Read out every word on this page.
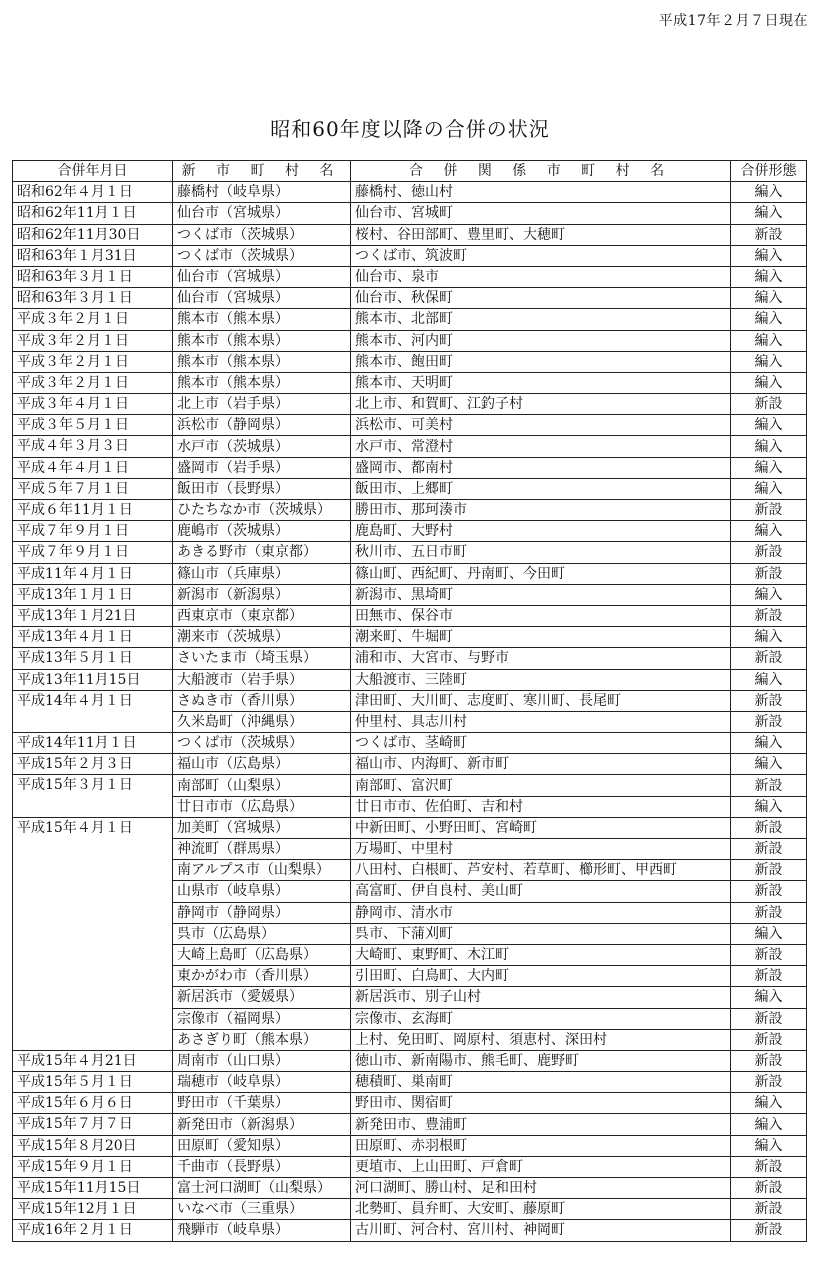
平成17年２月７日現在
昭和60年度以降の合併の状況
合併年月日	新 市 町 村 名	合 併 関 係 市 町 村 名	合併形態
昭和62年４月１日	藤橋村（岐阜県）	藤橋村、徳山村	編入
昭和62年11月１日	仙台市（宮城県）	仙台市、宮城町	編入
昭和62年11月30日	つくば市（茨城県）	桜村、谷田部町、豊里町、大穂町	新設
昭和63年１月31日	つくば市（茨城県）	つくば市、筑波町	編入
昭和63年３月１日	仙台市（宮城県）	仙台市、泉市	編入
昭和63年３月１日	仙台市（宮城県）	仙台市、秋保町	編入
平成３年２月１日	熊本市（熊本県）	熊本市、北部町	編入
平成３年２月１日	熊本市（熊本県）	熊本市、河内町	編入
平成３年２月１日	熊本市（熊本県）	熊本市、飽田町	編入
平成３年２月１日	熊本市（熊本県）	熊本市、天明町	編入
平成３年４月１日	北上市（岩手県）	北上市、和賀町、江釣子村	新設
平成３年５月１日	浜松市（静岡県）	浜松市、可美村	編入
平成４年３月３日	水戸市（茨城県）	水戸市、常澄村	編入
平成４年４月１日	盛岡市（岩手県）	盛岡市、都南村	編入
平成５年７月１日	飯田市（長野県）	飯田市、上郷町	編入
平成６年11月１日	ひたちなか市（茨城県）	勝田市、那珂湊市	新設
平成７年９月１日	鹿嶋市（茨城県）	鹿島町、大野村	編入
平成７年９月１日	あきる野市（東京都）	秋川市、五日市町	新設
平成11年４月１日	篠山市（兵庫県）	篠山町、西紀町、丹南町、今田町	新設
平成13年１月１日	新潟市（新潟県）	新潟市、黒埼町	編入
平成13年１月21日	西東京市（東京都）	田無市、保谷市	新設
平成13年４月１日	潮来市（茨城県）	潮来町、牛堀町	編入
平成13年５月１日	さいたま市（埼玉県）	浦和市、大宮市、与野市	新設
平成13年11月15日	大船渡市（岩手県）	大船渡市、三陸町	編入
平成14年４月１日	さぬき市（香川県）	津田町、大川町、志度町、寒川町、長尾町	新設
	久米島町（沖縄県）	仲里村、具志川村	新設
平成14年11月１日	つくば市（茨城県）	つくば市、茎崎町	編入
平成15年２月３日	福山市（広島県）	福山市、内海町、新市町	編入
平成15年３月１日	南部町（山梨県）	南部町、富沢町	新設
	廿日市市（広島県）	廿日市市、佐伯町、吉和村	編入
平成15年４月１日	加美町（宮城県）	中新田町、小野田町、宮崎町	新設
	神流町（群馬県）	万場町、中里村	新設
	南アルプス市（山梨県）	八田村、白根町、芦安村、若草町、櫛形町、甲西町	新設
	山県市（岐阜県）	高富町、伊自良村、美山町	新設
	静岡市（静岡県）	静岡市、清水市	新設
	呉市（広島県）	呉市、下蒲刈町	編入
	大崎上島町（広島県）	大崎町、東野町、木江町	新設
	東かがわ市（香川県）	引田町、白鳥町、大内町	新設
	新居浜市（愛媛県）	新居浜市、別子山村	編入
	宗像市（福岡県）	宗像市、玄海町	新設
	あさぎり町（熊本県）	上村、免田町、岡原村、須恵村、深田村	新設
平成15年４月21日	周南市（山口県）	徳山市、新南陽市、熊毛町、鹿野町	新設
平成15年５月１日	瑞穂市（岐阜県）	穂積町、巣南町	新設
平成15年６月６日	野田市（千葉県）	野田市、関宿町	編入
平成15年７月７日	新発田市（新潟県）	新発田市、豊浦町	編入
平成15年８月20日	田原町（愛知県）	田原町、赤羽根町	編入
平成15年９月１日	千曲市（長野県）	更埴市、上山田町、戸倉町	新設
平成15年11月15日	富士河口湖町（山梨県）	河口湖町、勝山村、足和田村	新設
平成15年12月１日	いなべ市（三重県）	北勢町、員弁町、大安町、藤原町	新設
平成16年２月１日	飛騨市（岐阜県）	古川町、河合村、宮川村、神岡町	新設
